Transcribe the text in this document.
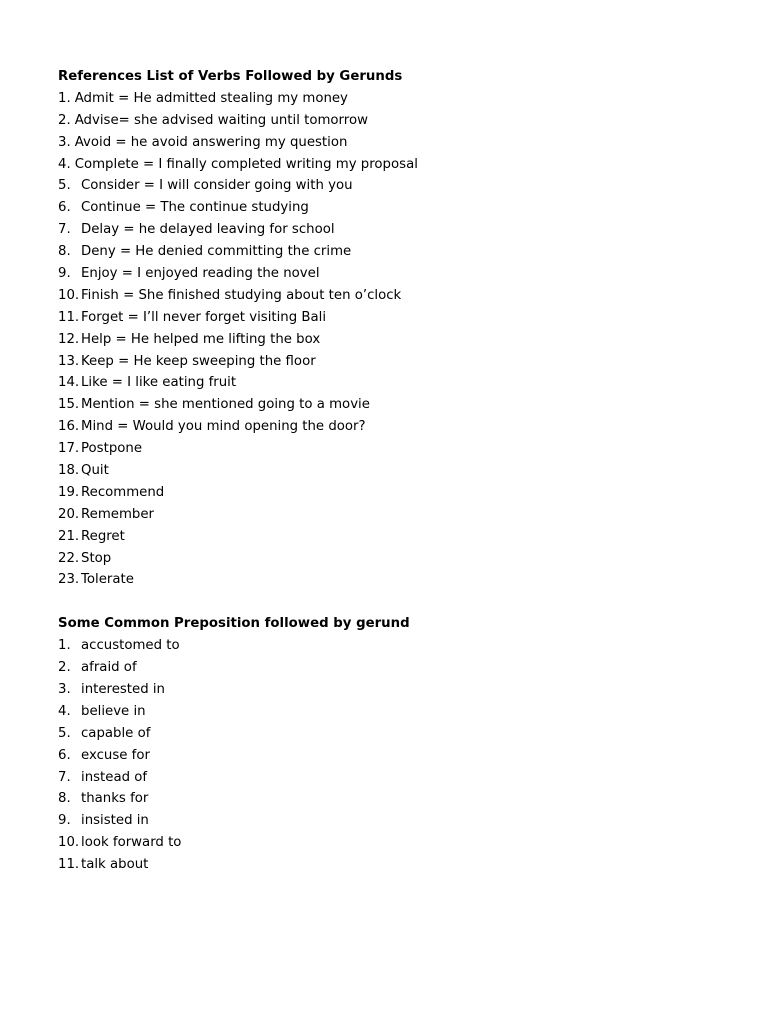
References List of Verbs Followed by Gerunds
1. Admit = He admitted stealing my money
2. Advise= she advised waiting until tomorrow
3. Avoid = he avoid answering my question
4. Complete = I finally completed writing my proposal
5. Consider = I will consider going with you
6. Continue = The continue studying
7. Delay = he delayed leaving for school
8. Deny = He denied committing the crime
9. Enjoy = I enjoyed reading the novel
10. Finish = She finished studying about ten o’clock
11. Forget = I’ll never forget visiting Bali
12. Help = He helped me lifting the box
13. Keep = He keep sweeping the floor
14. Like = I like eating fruit
15. Mention = she mentioned going to a movie
16. Mind = Would you mind opening the door?
17. Postpone
18. Quit
19. Recommend
20. Remember
21. Regret
22. Stop
23. Tolerate
Some Common Preposition followed by gerund
1. accustomed to
2. afraid of
3. interested in
4. believe in
5. capable of
6. excuse for
7. instead of
8. thanks for
9. insisted in
10. look forward to
11. talk about
